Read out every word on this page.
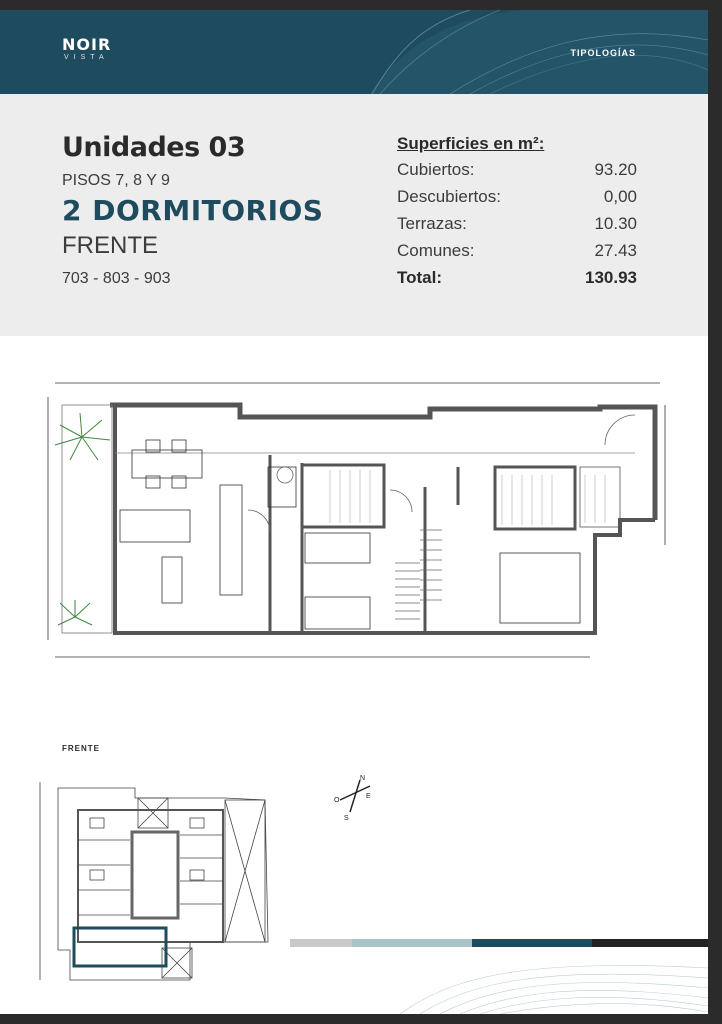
NOIR
VISTA	TIPOLOGÍAS
Unidades 03
PISOS 7, 8 Y 9
2 DORMITORIOS
FRENTE
703 - 803 - 903
Superficies en m²:
Cubiertos:	93.20
Descubiertos:	0,00
Terrazas:	10.30
Comunes:	27.43
Total:	130.93
FRENTE
N
E
O
S
